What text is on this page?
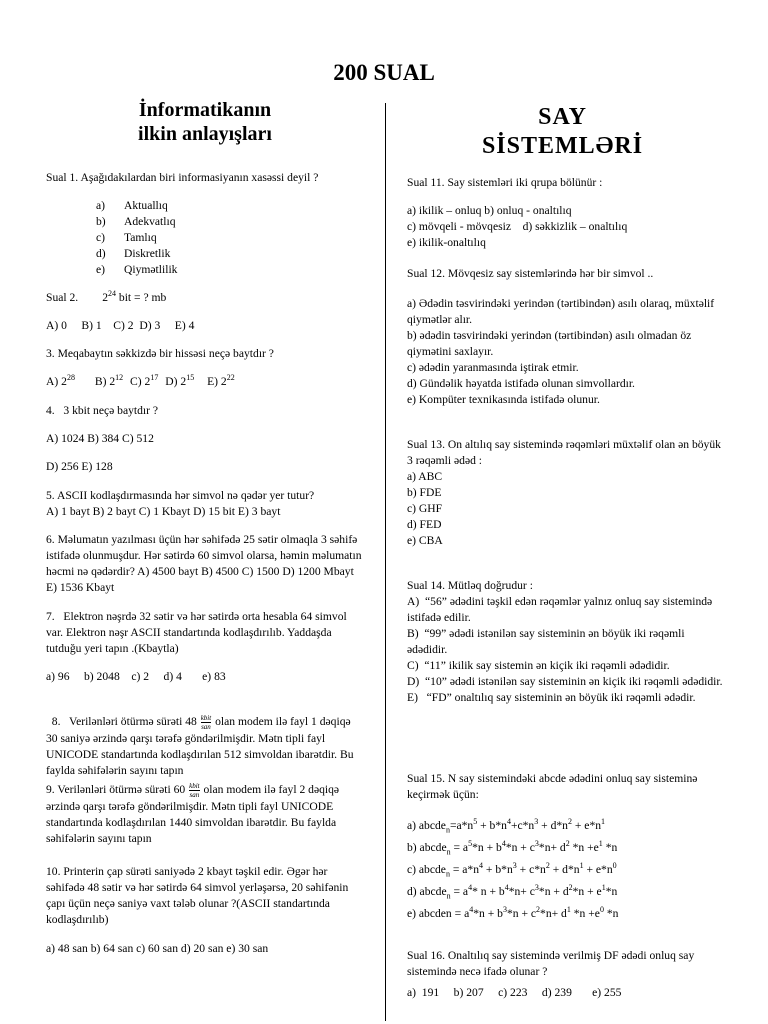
200 SUAL
İnformatikanın
ilkin anlayışları
Sual 1. Aşağıdakılardan biri informasiyanın xasəssi deyil ?
a)	Aktuallıq
b)	Adekvatlıq
c)	Tamlıq
d)	Diskretlik
e)	Qiymətlilik
Sual 2. $2^{24}$ bit = ? mb
A) 0     B) 1    C) 2  D) 3     E) 4
3. Meqabaytın səkkizdə bir hissəsi neçə baytdır ?
A) $2^{28}$ B) $2^{12}$ C) $2^{17}$ D) $2^{15}$ E) $2^{22}$
4.   3 kbit neçə baytdır ?
A) 1024 B) 384 C) 512
D) 256 E) 128
5. ASCII kodlaşdırmasında hər simvol nə qədər yer tutur?
A) 1 bayt B) 2 bayt C) 1 Kbayt D) 15 bit E) 3 bayt
6. Məlumatın yazılması üçün hər səhifədə 25 sətir olmaqla 3 səhifə istifadə olunmuşdur. Hər sətirdə 60 simvol olarsa, həmin məlumatın həcmi nə qədərdir? A) 4500 bayt B) 4500 C) 1500 D) 1200 Mbayt E) 1536 Kbayt
7.   Elektron nəşrdə 32 sətir və hər sətirdə orta hesabla 64 simvol var. Elektron nəşr ASCII standartında kodlaşdırılıb. Yaddaşda tutduğu yeri tapın .(Kbaytla)
a) 96     b) 2048    c) 2     d) 4       e) 83

8.   Verilənləri ötürmə sürəti $48 \frac{\text{kbit}}{\text{san}}$ olan modem ilə fayl 1 dəqiqə 30 saniyə ərzində qarşı tərəfə göndərilmişdir. Mətn tipli fayl UNICODE standartında kodlaşdırılan 512 simvoldan ibarətdir. Bu faylda səhifələrin sayını tapın

9. Verilənləri ötürmə sürəti $60 \frac{\text{kbit}}{\text{san}}$ olan modem ilə fayl 2 dəqiqə ərzində qarşı tərəfə göndərilmişdir. Mətn tipli fayl UNICODE standartında kodlaşdırılan 1440 simvoldan ibarətdir. Bu faylda səhifələrin sayını tapın
10. Printerin çap sürəti saniyədə 2 kbayt təşkil edir. Əgər hər səhifədə 48 sətir və hər sətirdə 64 simvol yerləşərsə, 20 səhifənin çapı üçün neçə saniyə vaxt tələb olunar ?(ASCII standartında kodlaşdırılıb)
a) 48 san b) 64 san c) 60 san d) 20 san e) 30 san
SAY
SİSTEMLƏRİ
Sual 11. Say sistemləri iki qrupa bölünür :
a) ikilik – onluq b) onluq - onaltılıq
c) mövqeli - mövqesiz    d) səkkizlik – onaltılıq
e) ikilik-onaltılıq
Sual 12. Mövqesiz say sistemlərində hər bir simvol ..
a) Ədədin təsvirindəki yerindən (tərtibindən) asılı olaraq, müxtəlif qiymətlər alır.
b) ədədin təsvirindəki yerindən (tərtibindən) asılı olmadan öz qiymətini saxlayır.
c) ədədin yaranmasında iştirak etmir.
d) Gündəlik həyatda istifadə olunan simvollardır.
e) Kompüter texnikasında istifadə olunur.
Sual 13. On altılıq say sistemində rəqəmləri müxtəlif olan ən böyük 3 rəqəmli ədəd :
a) ABC
b) FDE
c) GHF
d) FED
e) CBA
Sual 14. Mütləq doğrudur :
A)  “56” ədədini təşkil edən rəqəmlər yalnız onluq say sistemində istifadə edilir.
B)  “99” ədədi istənilən say sisteminin ən böyük iki rəqəmli ədədidir.
C)  “11” ikilik say sistemin ən kiçik iki rəqəmli ədədidir.
D)  “10” ədədi istənilən say sisteminin ən kiçik iki rəqəmli ədədidir.
E)   “FD” onaltılıq say sisteminin ən böyük iki rəqəmli ədədir.
Sual 15. N say sistemindəki abcde ədədini onluq say sisteminə keçirmək üçün:
a) $abcde_n=a*n^5 + b*n^4+c*n^3 + d*n^2 + e*n^1$
b) abcde$_n$ = $a^5*n + b^4*n + c^3*n+ d^2$ $*n +e^1$ *n
c) abcde$_n$ = $a*n^4 + b*n^3 + c*n^2 + d*n^1 + e*n^0$
d) abcde$_n$ = $a^4*$ $n + b^4*n+ c^3*n + d^2*n + e^1*n$
e) abcden = $a^4*n + b^3*n + c^2*n+ d^1$ $*n +e^0$ *n
Sual 16. Onaltılıq say sistemində verilmiş DF ədədi onluq say sistemində necə ifadə olunar ?
a)  191     b) 207     c) 223     d) 239       e) 255
